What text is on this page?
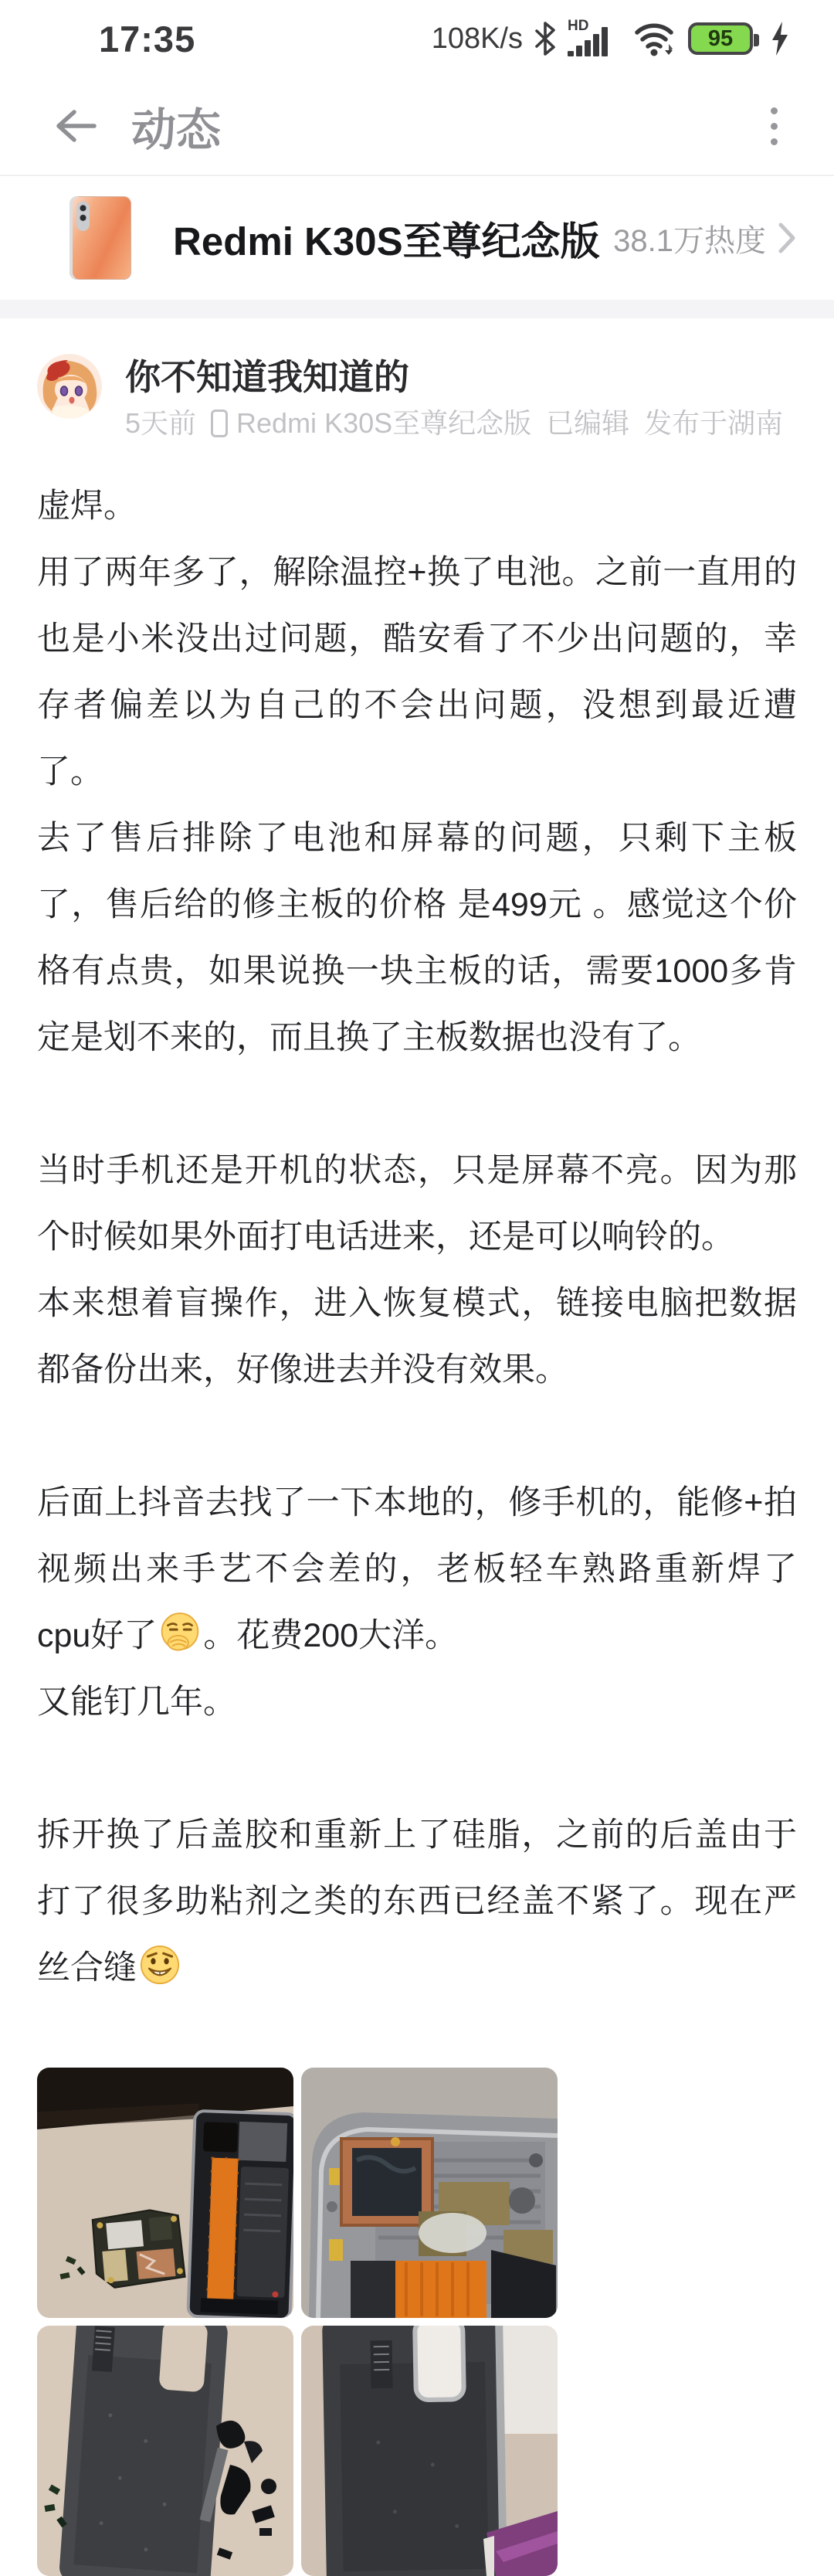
17:35	108K/s	HD	95
动态
Redmi K30S至尊纪念版 38.1万热度
你不知道我知道的
5天前 Redmi K30S至尊纪念版 已编辑 发布于湖南

虚焊。

用了两年多了，解除温控+换了电池。之前一直用的也是小米没出过问题，酷安看了不少出问题的，幸存者偏差以为自己的不会出问题，没想到最近遭了。

去了售后排除了电池和屏幕的问题，只剩下主板了，售后给的修主板的价格 是499元 。感觉这个价格有点贵，如果说换一块主板的话，需要1000多肯定是划不来的，而且换了主板数据也没有了。

当时手机还是开机的状态，只是屏幕不亮。因为那个时候如果外面打电话进来，还是可以响铃的。

本来想着盲操作，进入恢复模式，链接电脑把数据都备份出来，好像进去并没有效果。

后面上抖音去找了一下本地的，修手机的，能修+拍视频出来手艺不会差的，老板轻车熟路重新焊了 cpu好了 。花费200大洋。

又能钉几年。

拆开换了后盖胶和重新上了硅脂，之前的后盖由于打了很多助粘剂之类的东西已经盖不紧了。现在严丝合缝
